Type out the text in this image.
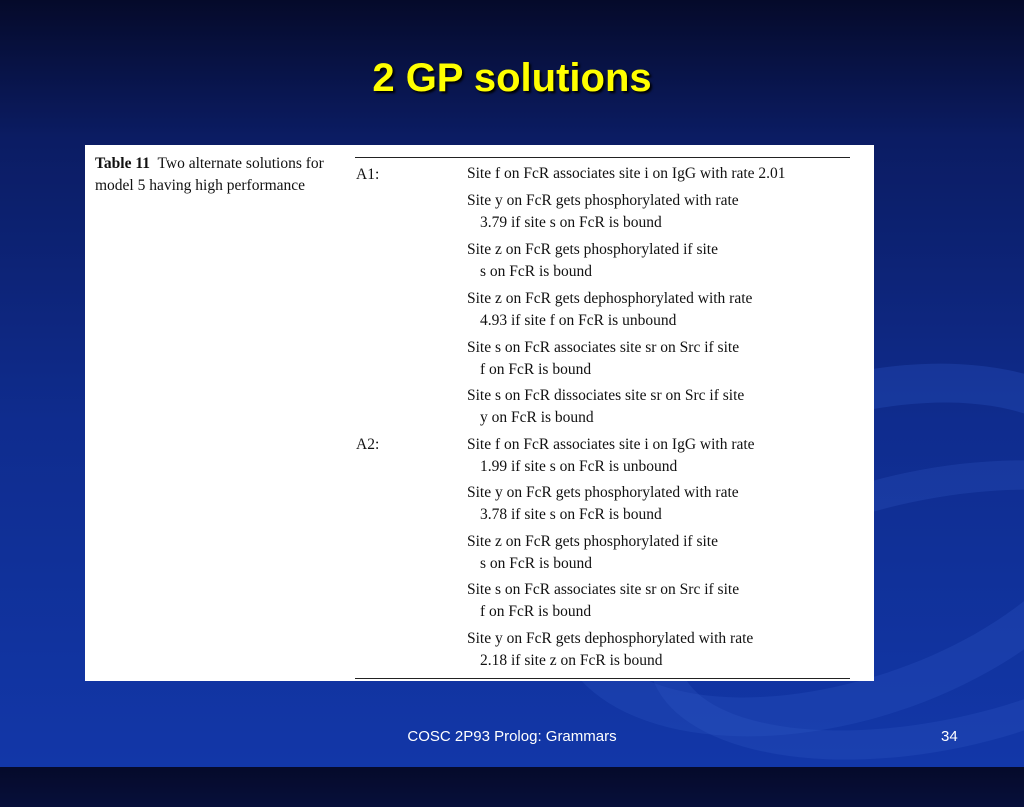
2 GP solutions
Table 11 Two alternate solutions for model 5 having high performance
A1:
A2:
Site f on FcR associates site i on IgG with rate 2.01
Site y on FcR gets phosphorylated with rate
3.79 if site s on FcR is bound
Site z on FcR gets phosphorylated if site
s on FcR is bound
Site z on FcR gets dephosphorylated with rate
4.93 if site f on FcR is unbound
Site s on FcR associates site sr on Src if site
f on FcR is bound
Site s on FcR dissociates site sr on Src if site
y on FcR is bound
Site f on FcR associates site i on IgG with rate
1.99 if site s on FcR is unbound
Site y on FcR gets phosphorylated with rate
3.78 if site s on FcR is bound
Site z on FcR gets phosphorylated if site
s on FcR is bound
Site s on FcR associates site sr on Src if site
f on FcR is bound
Site y on FcR gets dephosphorylated with rate
2.18 if site z on FcR is bound
COSC 2P93 Prolog: Grammars	34
